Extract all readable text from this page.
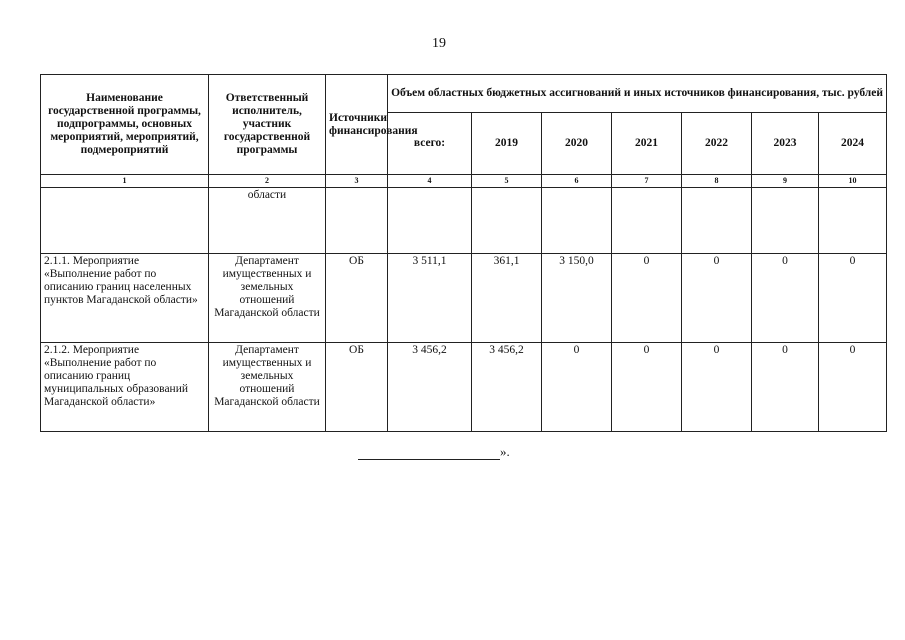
19
Наименование государственной программы, подпрограммы, основных мероприятий, мероприятий, подмероприятий	Ответственный исполнитель, участник государственной программы	Источники финансирования	Объем областных бюджетных ассигнований и иных источников финансирования, тыс. рублей						
			всего:	2019	2020	2021	2022	2023	2024
1	2	3	4	5	6	7	8	9	10
	области								
2.1.1. Мероприятие «Выполнение работ по описанию границ населенных пунктов Магаданской области»	Департамент имущественных и земельных отношений Магаданской области	ОБ	3 511,1	361,1	3 150,0	0	0	0	0
2.1.2. Мероприятие «Выполнение работ по описанию границ муниципальных образований Магаданской области»	Департамент имущественных и земельных отношений Магаданской области	ОБ	3 456,2	3 456,2	0	0	0	0	0
».
